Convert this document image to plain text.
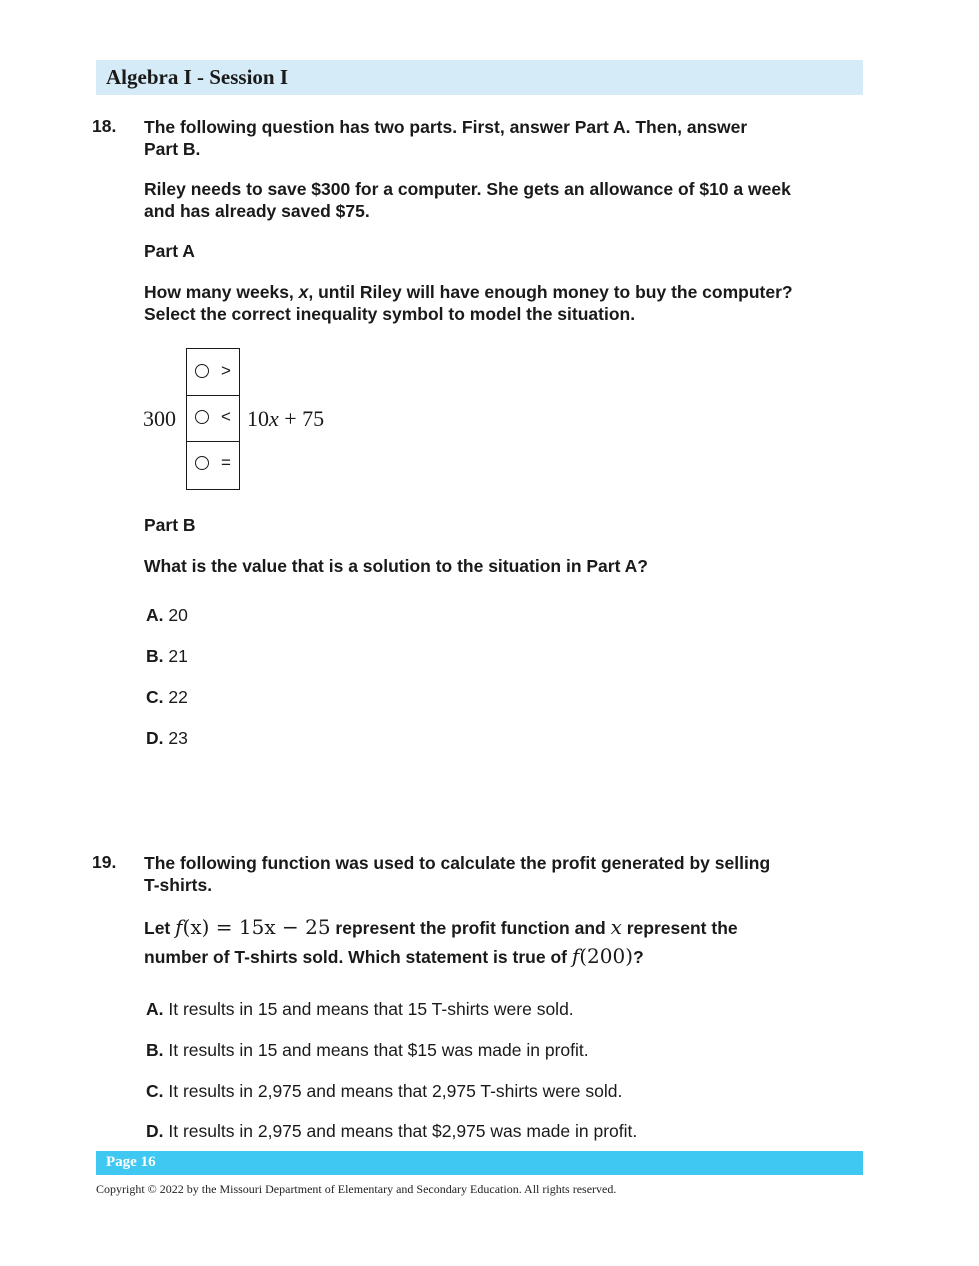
Algebra I - Session I
18. The following question has two parts. First, answer Part A. Then, answer
Part B.
Riley needs to save $300 for a computer. She gets an allowance of $10 a week
and has already saved $75.
Part A
How many weeks, x, until Riley will have enough money to buy the computer?
Select the correct inequality symbol to model the situation.
300
>
<
=
10x + 75
Part B
What is the value that is a solution to the situation in Part A?
A. 20
B. 21
C. 22
D. 23
19. The following function was used to calculate the profit generated by selling
T-shirts.
Let f(x) = 15x − 25 represent the profit function and x represent the
number of T-shirts sold. Which statement is true of f(200)?
A. It results in 15 and means that 15 T-shirts were sold.
B. It results in 15 and means that $15 was made in profit.
C. It results in 2,975 and means that 2,975 T-shirts were sold.
D. It results in 2,975 and means that $2,975 was made in profit.
Page 16
Copyright © 2022 by the Missouri Department of Elementary and Secondary Education. All rights reserved.
